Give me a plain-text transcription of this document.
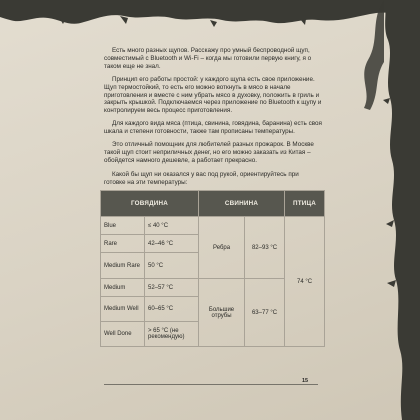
Есть много разных щупов. Расскажу про умный беспроводной щуп, совместимый с Bluetooth и Wi‑Fi – когда мы готовили первую книгу, я о таком еще не знал.

Принцип его работы простой: у каждого щупа есть свое приложение. Щуп термостойкий, то есть его можно воткнуть в мясо в начале приготовления и вместе с ним убрать мясо в духовку, положить в гриль и закрыть крышкой. Подключаемся через приложение по Bluetooth к щупу и контролируем весь процесс приготовления.

Для каждого вида мяса (птица, свинина, говядина, баранина) есть своя шкала и степени готовности, также там прописаны температуры.

Это отличный помощник для любителей разных прожарок. В Москве такой щуп стоит неприличных денег, но его можно заказать из Китая – обойдется намного дешевле, а работает прекрасно.

Какой бы щуп ни оказался у вас под рукой, ориентируйтесь при готовке на эти температуры:

ГОВЯДИНА		СВИНИНА		ПТИЦА
Blue	≤ 40 °C	Ребра	82–93 °C	74 °C
Rare	42–46 °C			
Medium Rare	50 °C			
Medium	52–57 °C	Большие отрубы	63–77 °C	
Medium Well	60–65 °C			
Well Done	> 65 °C (не рекомендую)			
15
